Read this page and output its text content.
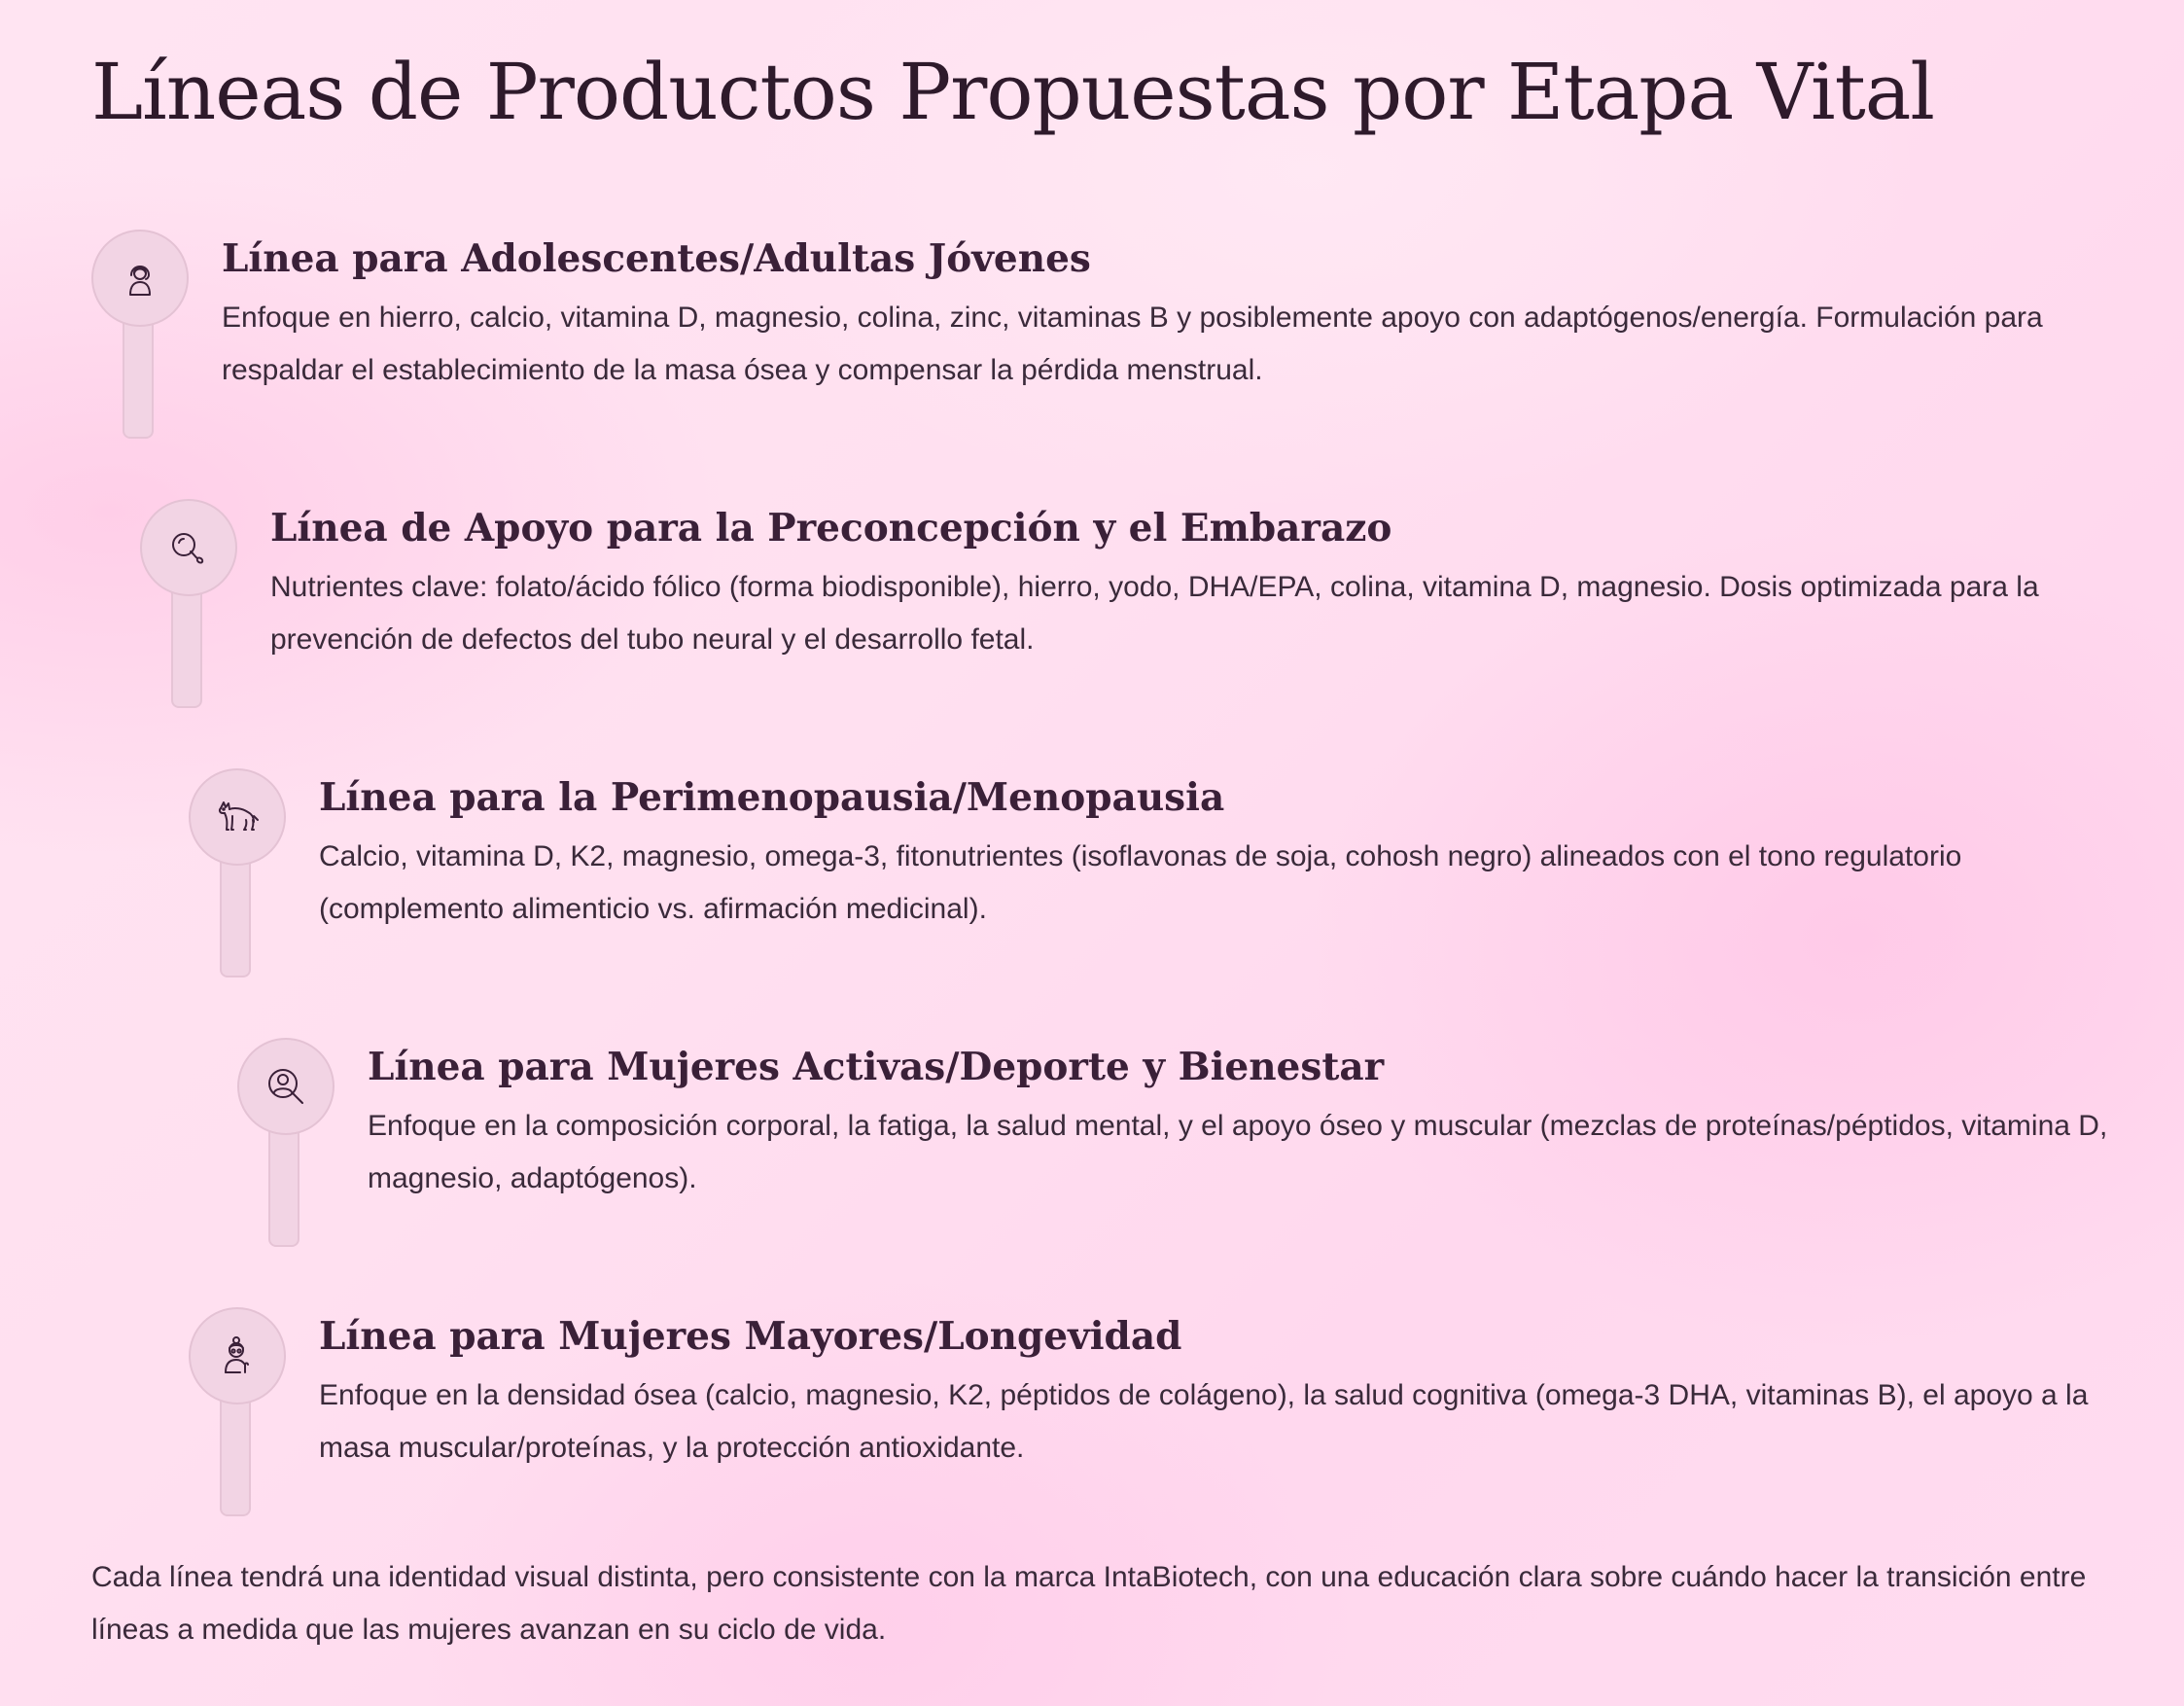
Líneas de Productos Propuestas por Etapa Vital
Línea para Adolescentes/Adultas Jóvenes

Enfoque en hierro, calcio, vitamina D, magnesio, colina, zinc, vitaminas B y posiblemente apoyo con adaptógenos/energía. Formulación para respaldar el establecimiento de la masa ósea y compensar la pérdida menstrual.

Línea de Apoyo para la Preconcepción y el Embarazo

Nutrientes clave: folato/ácido fólico (forma biodisponible), hierro, yodo, DHA/EPA, colina, vitamina D, magnesio. Dosis optimizada para la prevención de defectos del tubo neural y el desarrollo fetal.

Línea para la Perimenopausia/Menopausia

Calcio, vitamina D, K2, magnesio, omega-3, fitonutrientes (isoflavonas de soja, cohosh negro) alineados con el tono regulatorio (complemento alimenticio vs. afirmación medicinal).

Línea para Mujeres Activas/Deporte y Bienestar

Enfoque en la composición corporal, la fatiga, la salud mental, y el apoyo óseo y muscular (mezclas de proteínas/péptidos, vitamina D, magnesio, adaptógenos).

Línea para Mujeres Mayores/Longevidad

Enfoque en la densidad ósea (calcio, magnesio, K2, péptidos de colágeno), la salud cognitiva (omega-3 DHA, vitaminas B), el apoyo a la masa muscular/proteínas, y la protección antioxidante.

Cada línea tendrá una identidad visual distinta, pero consistente con la marca IntaBiotech, con una educación clara sobre cuándo hacer la transición entre líneas a medida que las mujeres avanzan en su ciclo de vida.
